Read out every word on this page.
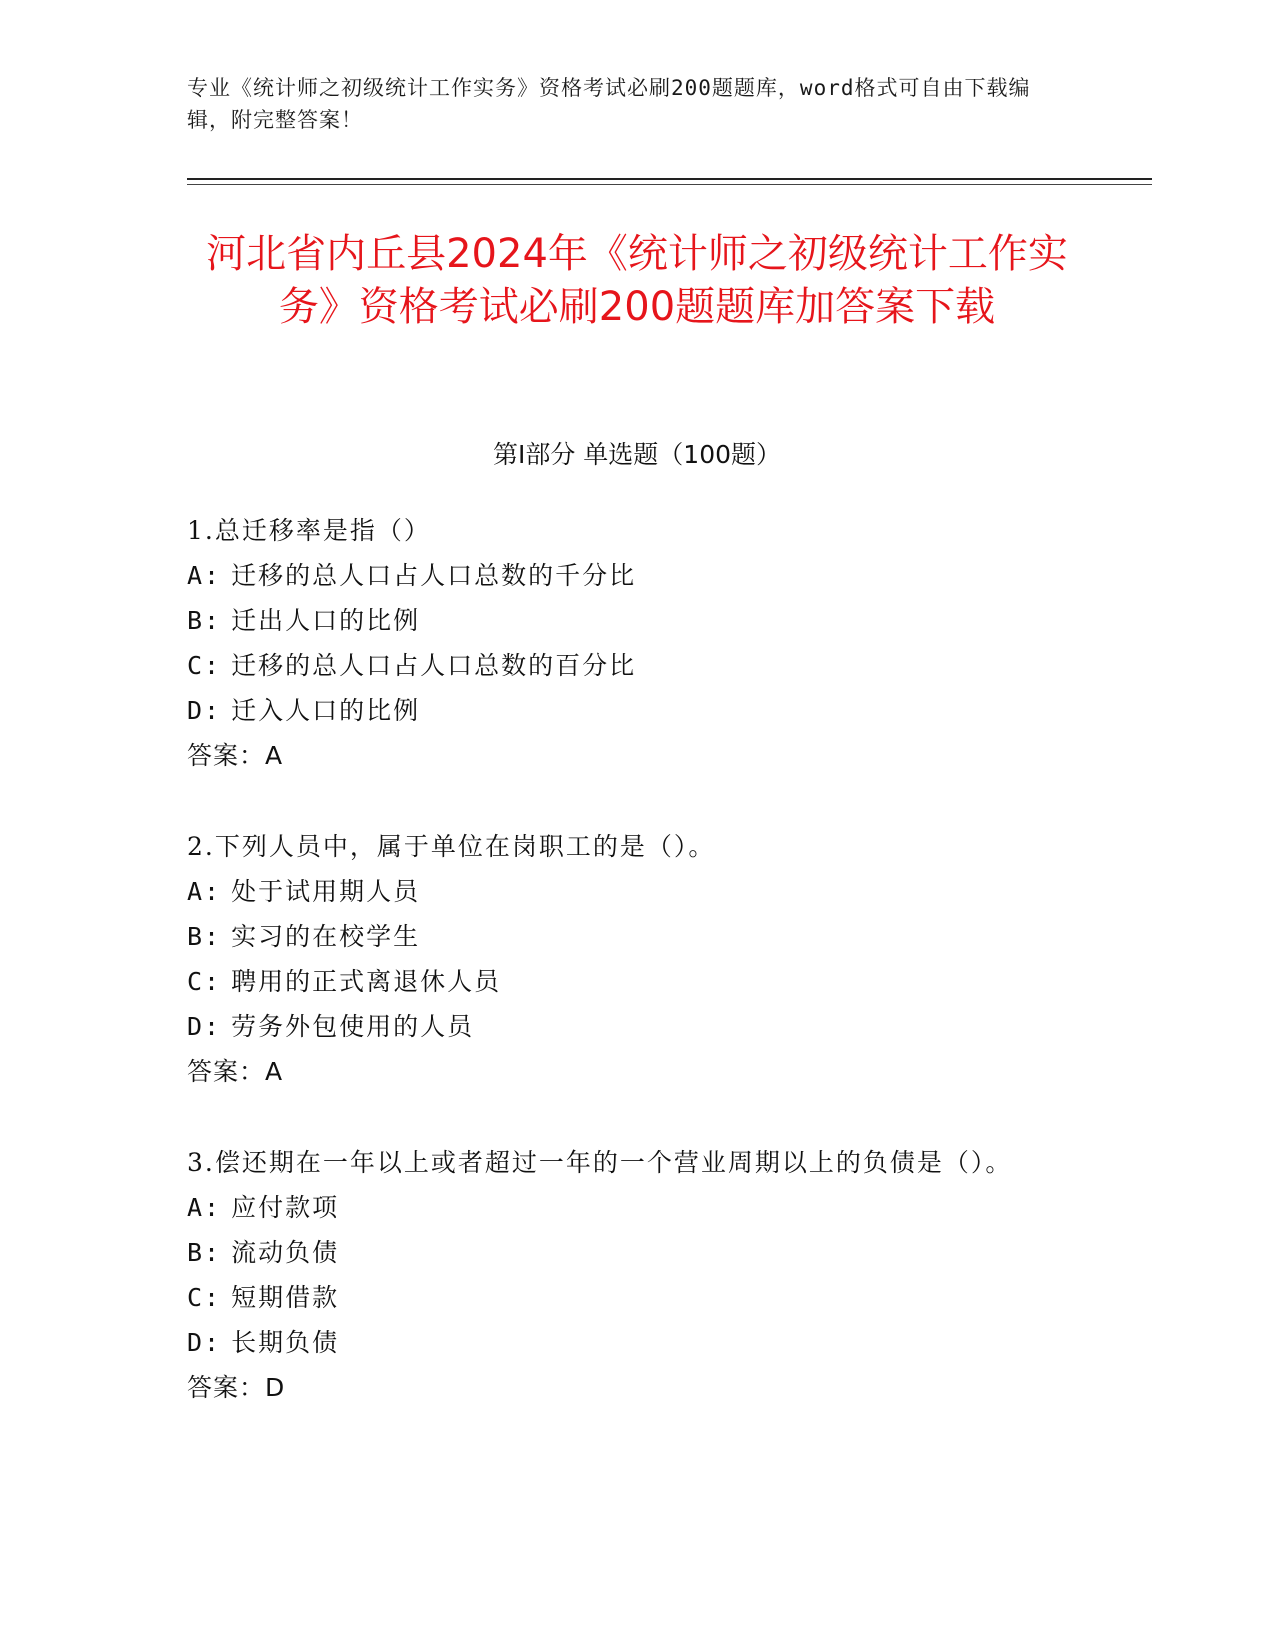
专业《统计师之初级统计工作实务》资格考试必刷200题题库，word格式可自由下载编辑，附完整答案！
河北省内丘县2024年《统计师之初级统计工作实务》资格考试必刷200题题库加答案下载
第Ⅰ部分 单选题（100题）
1.总迁移率是指（）
A: 迁移的总人口占人口总数的千分比
B: 迁出人口的比例
C: 迁移的总人口占人口总数的百分比
D: 迁入人口的比例
答案：A
2.下列人员中，属于单位在岗职工的是（）。
A: 处于试用期人员
B: 实习的在校学生
C: 聘用的正式离退休人员
D: 劳务外包使用的人员
答案：A
3.偿还期在一年以上或者超过一年的一个营业周期以上的负债是（）。
A: 应付款项
B: 流动负债
C: 短期借款
D: 长期负债
答案：D
